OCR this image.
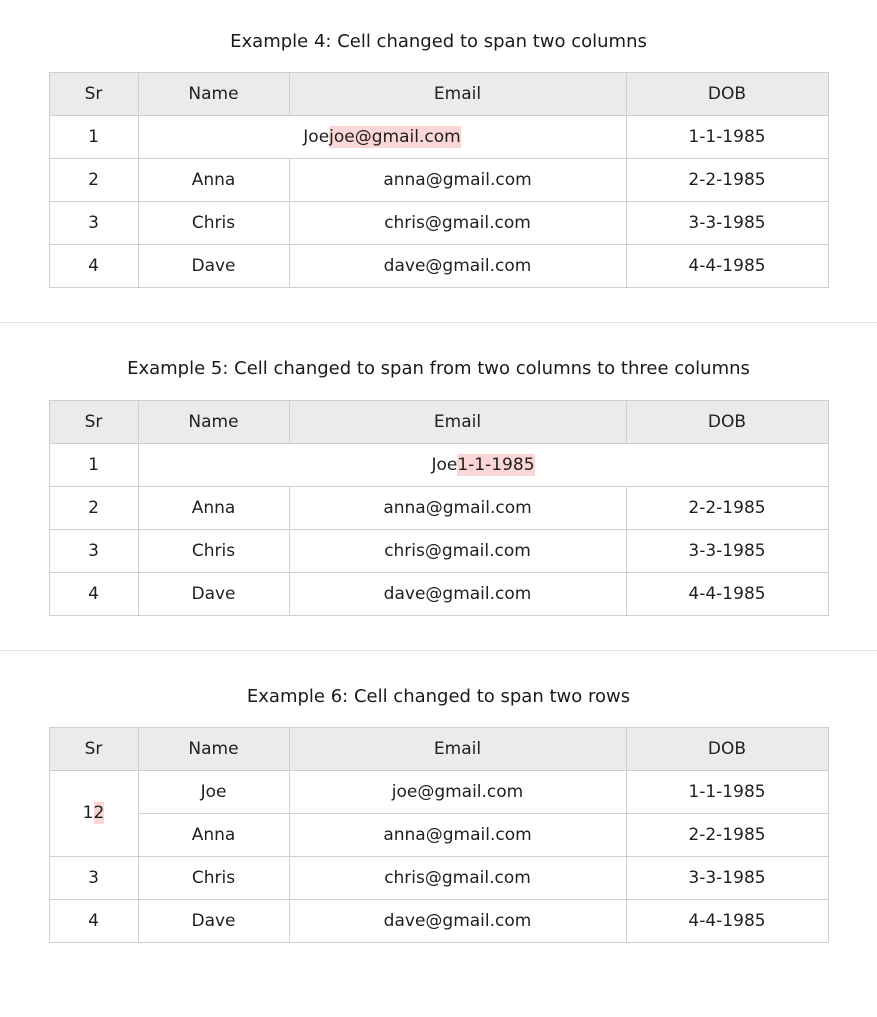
Example 4: Cell changed to span two columns
Sr	Name	Email	DOB
1	Joejoe@gmail.com		1-1-1985
2	Anna	anna@gmail.com	2-2-1985
3	Chris	chris@gmail.com	3-3-1985
4	Dave	dave@gmail.com	4-4-1985
Example 5: Cell changed to span from two columns to three columns
Sr	Name	Email	DOB
1	Joe1-1-1985		
2	Anna	anna@gmail.com	2-2-1985
3	Chris	chris@gmail.com	3-3-1985
4	Dave	dave@gmail.com	4-4-1985
Example 6: Cell changed to span two rows
Sr	Name	Email	DOB
12	Joe	joe@gmail.com	1-1-1985
	Anna	anna@gmail.com	2-2-1985
3	Chris	chris@gmail.com	3-3-1985
4	Dave	dave@gmail.com	4-4-1985
